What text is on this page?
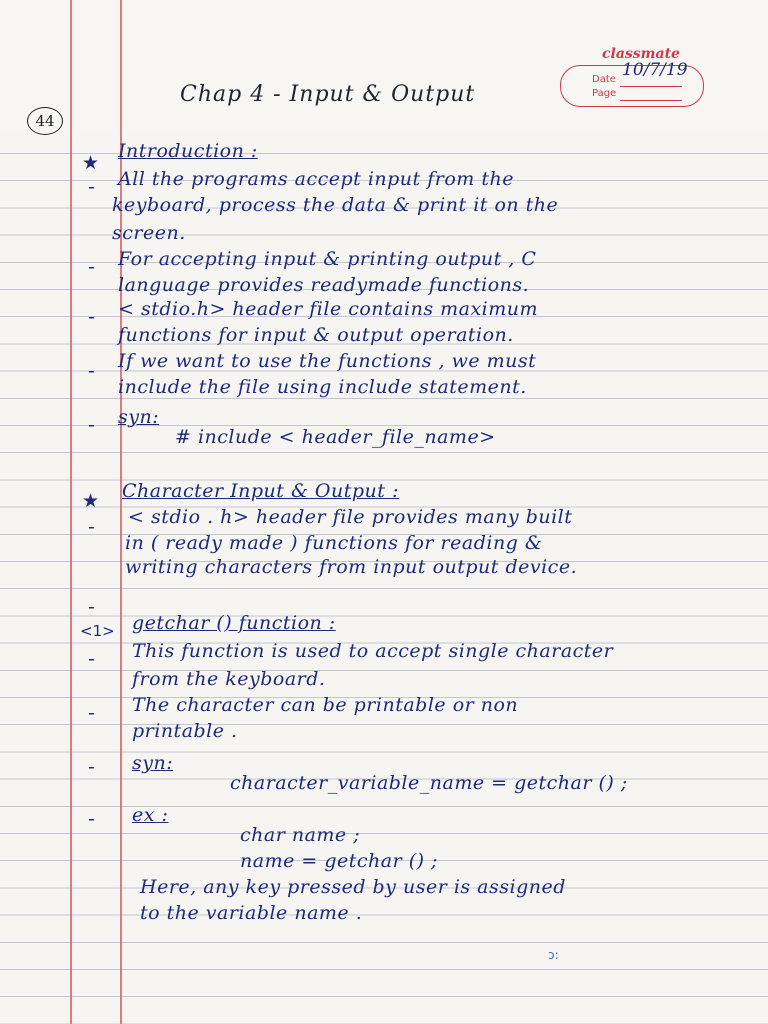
44
Chap 4 - Input & Output
classmate
Date 10/7/19
Page
★
-
-
-
-
-
★
-
-
<1>
-
-
-
-
Introduction :
All the programs accept input from the
keyboard, process the data & print it on the
screen.
For accepting input & printing output , C
language provides readymade functions.
< stdio.h> header file contains maximum
functions for input & output operation.
If we want to use the functions , we must
include the file using include statement.
syn:
# include < header_file_name>
Character Input & Output :
< stdio . h> header file provides many built
in ( ready made ) functions for reading &
writing characters from input output device.
getchar () function :
This function is used to accept single character
from the keyboard.
The character can be printable or non
printable .
syn:
character_variable_name = getchar () ;
ex :
char name ;
name = getchar () ;
Here, any key pressed by user is assigned
to the variable name .
ɔ:
